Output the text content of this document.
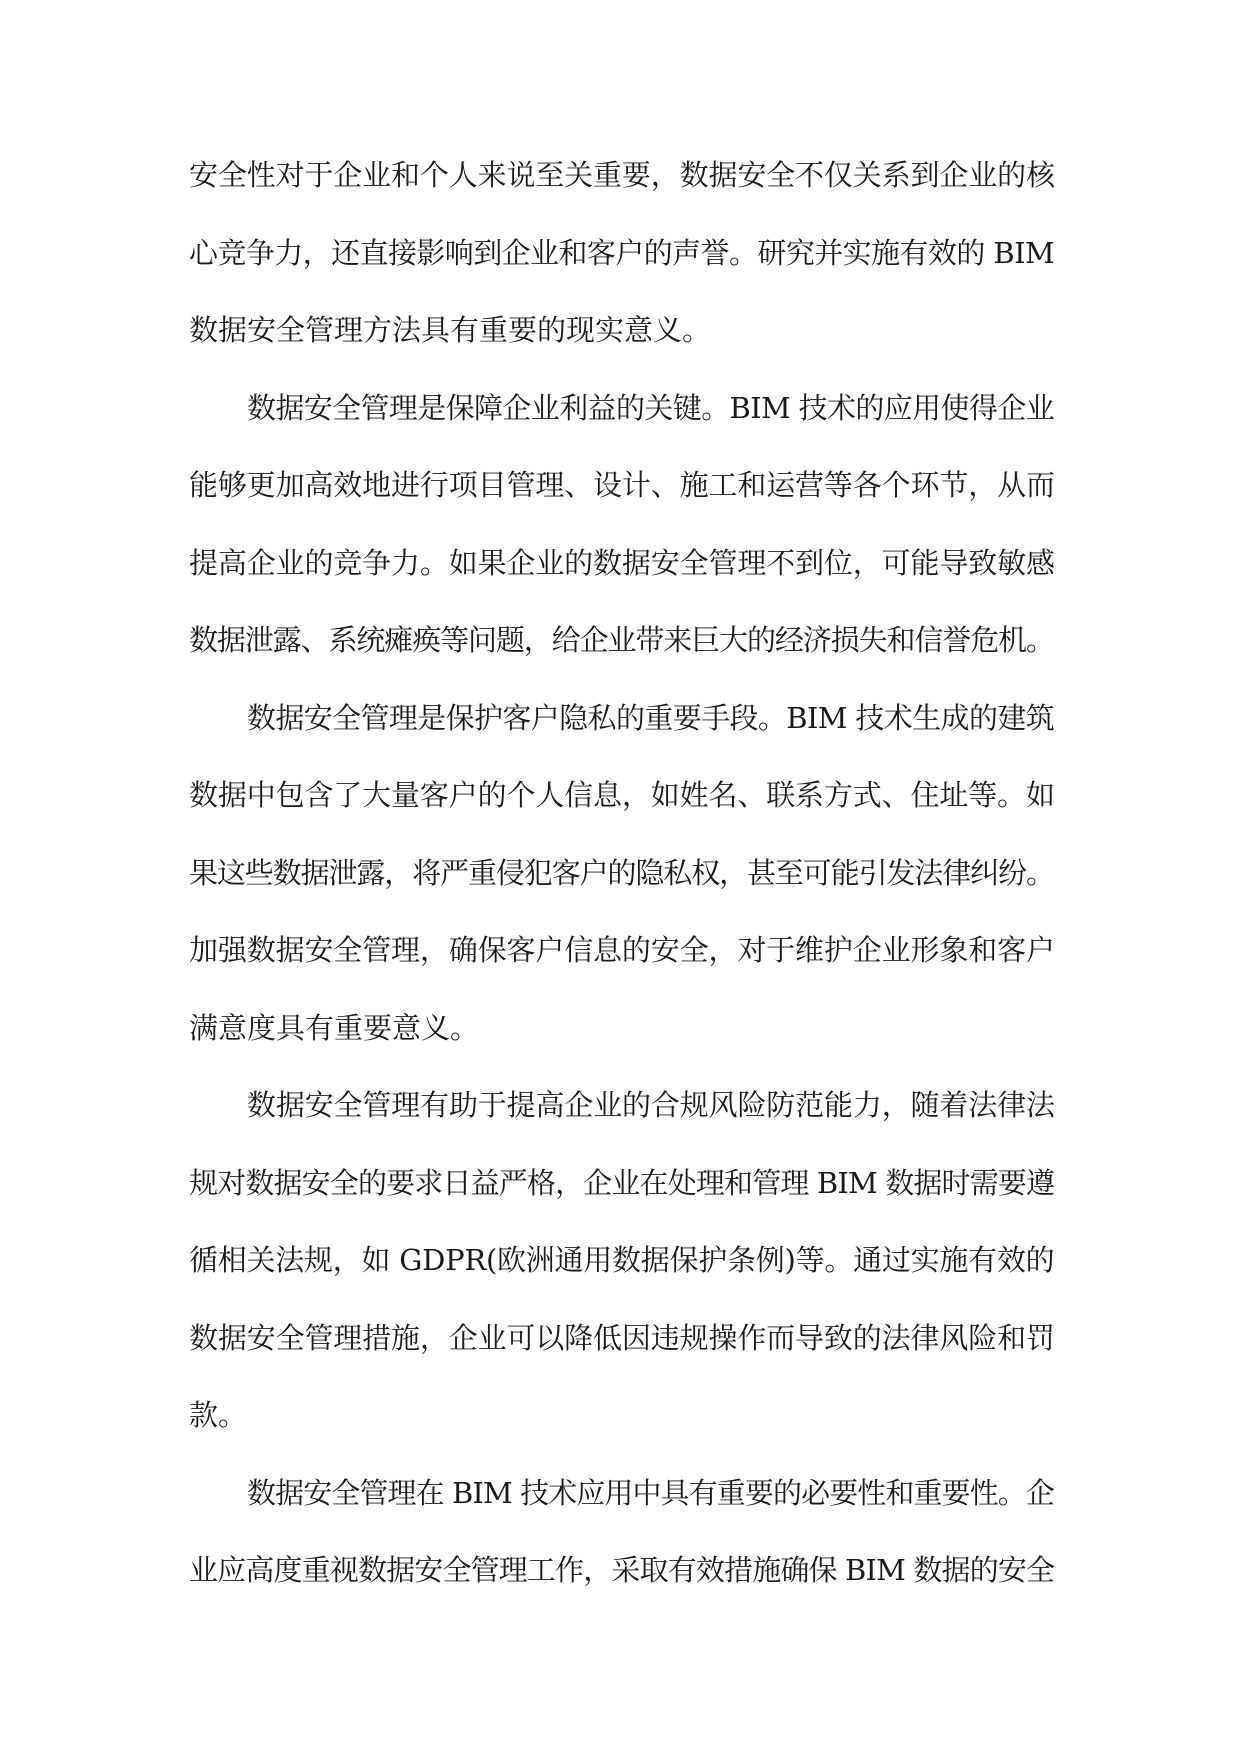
安全性对于企业和个人来说至关重要，数据安全不仅关系到企业的核
心竞争力，还直接影响到企业和客户的声誉。研究并实施有效的 BIM
数据安全管理方法具有重要的现实意义。
数据安全管理是保障企业利益的关键。BIM 技术的应用使得企业
能够更加高效地进行项目管理、设计、施工和运营等各个环节，从而
提高企业的竞争力。如果企业的数据安全管理不到位，可能导致敏感
数据泄露、系统瘫痪等问题，给企业带来巨大的经济损失和信誉危机。
数据安全管理是保护客户隐私的重要手段。BIM 技术生成的建筑
数据中包含了大量客户的个人信息，如姓名、联系方式、住址等。如
果这些数据泄露，将严重侵犯客户的隐私权，甚至可能引发法律纠纷。
加强数据安全管理，确保客户信息的安全，对于维护企业形象和客户
满意度具有重要意义。
数据安全管理有助于提高企业的合规风险防范能力，随着法律法
规对数据安全的要求日益严格，企业在处理和管理 BIM 数据时需要遵
循相关法规，如 GDPR(欧洲通用数据保护条例)等。通过实施有效的
数据安全管理措施，企业可以降低因违规操作而导致的法律风险和罚
款。
数据安全管理在 BIM 技术应用中具有重要的必要性和重要性。企
业应高度重视数据安全管理工作，采取有效措施确保 BIM 数据的安全
